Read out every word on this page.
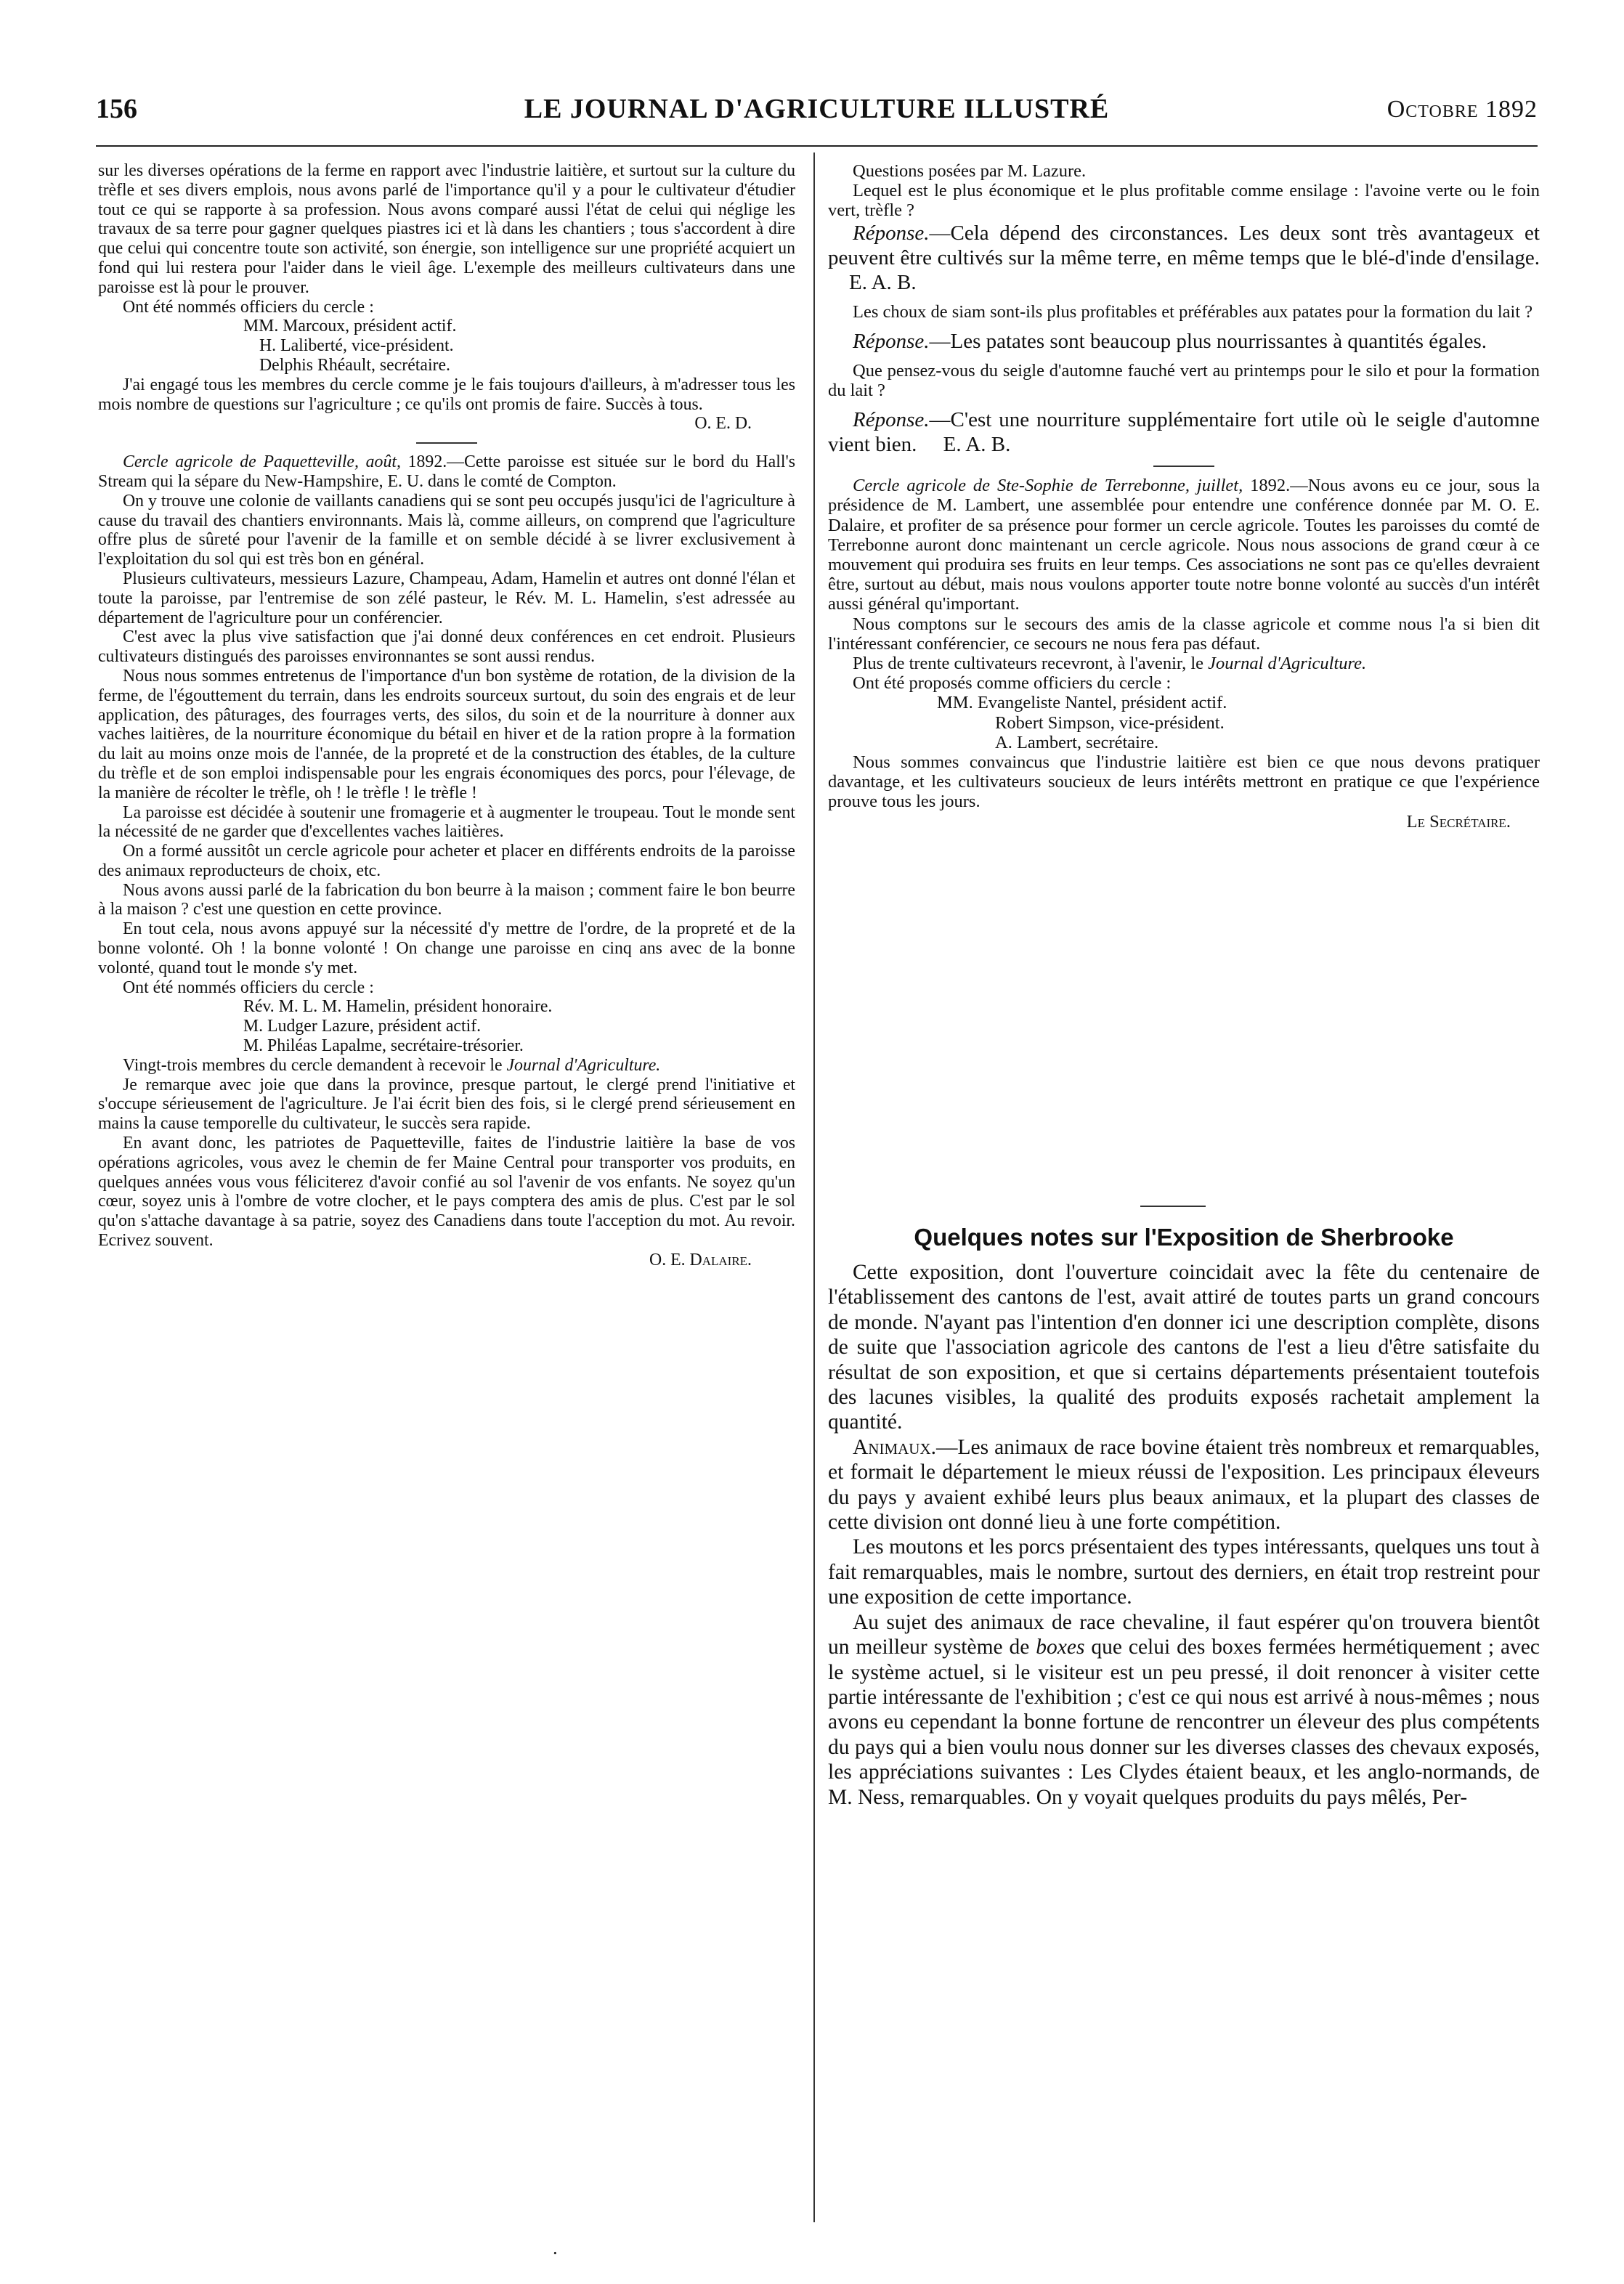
156	LE JOURNAL D'AGRICULTURE ILLUSTRÉ	Octobre 1892

sur les diverses opérations de la ferme en rapport avec l'industrie laitière, et surtout sur la culture du trèfle et ses divers emplois, nous avons parlé de l'importance qu'il y a pour le cultivateur d'étudier tout ce qui se rapporte à sa profession. Nous avons comparé aussi l'état de celui qui néglige les travaux de sa terre pour gagner quelques piastres ici et là dans les chantiers ; tous s'accordent à dire que celui qui concentre toute son activité, son énergie, son intelligence sur une propriété acquiert un fond qui lui restera pour l'aider dans le vieil âge. L'exemple des meilleurs cultivateurs dans une paroisse est là pour le prouver.

Ont été nommés officiers du cercle :

MM. Marcoux, président actif.

H. Laliberté, vice-président.

Delphis Rhéault, secrétaire.

J'ai engagé tous les membres du cercle comme je le fais toujours d'ailleurs, à m'adresser tous les mois nombre de questions sur l'agriculture ; ce qu'ils ont promis de faire. Succès à tous.

O. E. D.

Cercle agricole de Paquetteville, août, 1892.—Cette paroisse est située sur le bord du Hall's Stream qui la sépare du New-Hampshire, E. U. dans le comté de Compton.

On y trouve une colonie de vaillants canadiens qui se sont peu occupés jusqu'ici de l'agriculture à cause du travail des chantiers environnants. Mais là, comme ailleurs, on comprend que l'agriculture offre plus de sûreté pour l'avenir de la famille et on semble décidé à se livrer exclusivement à l'exploitation du sol qui est très bon en général.

Plusieurs cultivateurs, messieurs Lazure, Champeau, Adam, Hamelin et autres ont donné l'élan et toute la paroisse, par l'entremise de son zélé pasteur, le Rév. M. L. Hamelin, s'est adressée au département de l'agriculture pour un conférencier.

C'est avec la plus vive satisfaction que j'ai donné deux conférences en cet endroit. Plusieurs cultivateurs distingués des paroisses environnantes se sont aussi rendus.

Nous nous sommes entretenus de l'importance d'un bon système de rotation, de la division de la ferme, de l'égouttement du terrain, dans les endroits sourceux surtout, du soin des engrais et de leur application, des pâturages, des fourrages verts, des silos, du soin et de la nourriture à donner aux vaches laitières, de la nourriture économique du bétail en hiver et de la ration propre à la formation du lait au moins onze mois de l'année, de la propreté et de la construction des étables, de la culture du trèfle et de son emploi indispensable pour les engrais économiques des porcs, pour l'élevage, de la manière de récolter le trèfle, oh ! le trèfle ! le trèfle !

La paroisse est décidée à soutenir une fromagerie et à augmenter le troupeau. Tout le monde sent la nécessité de ne garder que d'excellentes vaches laitières.

On a formé aussitôt un cercle agricole pour acheter et placer en différents endroits de la paroisse des animaux reproducteurs de choix, etc.

Nous avons aussi parlé de la fabrication du bon beurre à la maison ; comment faire le bon beurre à la maison ? c'est une question en cette province.

En tout cela, nous avons appuyé sur la nécessité d'y mettre de l'ordre, de la propreté et de la bonne volonté. Oh ! la bonne volonté ! On change une paroisse en cinq ans avec de la bonne volonté, quand tout le monde s'y met.

Ont été nommés officiers du cercle :

Rév. M. L. M. Hamelin, président honoraire.

M. Ludger Lazure, président actif.

M. Philéas Lapalme, secrétaire-trésorier.

Vingt-trois membres du cercle demandent à recevoir le Journal d'Agriculture.

Je remarque avec joie que dans la province, presque partout, le clergé prend l'initiative et s'occupe sérieusement de l'agriculture. Je l'ai écrit bien des fois, si le clergé prend sérieusement en mains la cause temporelle du cultivateur, le succès sera rapide.

En avant donc, les patriotes de Paquetteville, faites de l'industrie laitière la base de vos opérations agricoles, vous avez le chemin de fer Maine Central pour transporter vos produits, en quelques années vous vous féliciterez d'avoir confié au sol l'avenir de vos enfants. Ne soyez qu'un cœur, soyez unis à l'ombre de votre clocher, et le pays comptera des amis de plus. C'est par le sol qu'on s'attache davantage à sa patrie, soyez des Canadiens dans toute l'acception du mot. Au revoir. Ecrivez souvent.

O. E. Dalaire.

Questions posées par M. Lazure.

Lequel est le plus économique et le plus profitable comme ensilage : l'avoine verte ou le foin vert, trèfle ?

Réponse.—Cela dépend des circonstances. Les deux sont très avantageux et peuvent être cultivés sur la même terre, en même temps que le blé-d'inde d'ensilage.     E. A. B.

Les choux de siam sont-ils plus profitables et préférables aux patates pour la formation du lait ?

Réponse.—Les patates sont beaucoup plus nourrissantes à quantités égales.

Que pensez-vous du seigle d'automne fauché vert au printemps pour le silo et pour la formation du lait ?

Réponse.—C'est une nourriture supplémentaire fort utile où le seigle d'automne vient bien. E. A. B.

Cercle agricole de Ste-Sophie de Terrebonne, juillet, 1892.—Nous avons eu ce jour, sous la présidence de M. Lambert, une assemblée pour entendre une conférence donnée par M. O. E. Dalaire, et profiter de sa présence pour former un cercle agricole. Toutes les paroisses du comté de Terrebonne auront donc maintenant un cercle agricole. Nous nous associons de grand cœur à ce mouvement qui produira ses fruits en leur temps. Ces associations ne sont pas ce qu'elles devraient être, surtout au début, mais nous voulons apporter toute notre bonne volonté au succès d'un intérêt aussi général qu'important.

Nous comptons sur le secours des amis de la classe agricole et comme nous l'a si bien dit l'intéressant conférencier, ce secours ne nous fera pas défaut.

Plus de trente cultivateurs recevront, à l'avenir, le Journal d'Agriculture.

Ont été proposés comme officiers du cercle :

MM. Evangeliste Nantel, président actif.

Robert Simpson, vice-président.

A. Lambert, secrétaire.

Nous sommes convaincus que l'industrie laitière est bien ce que nous devons pratiquer davantage, et les cultivateurs soucieux de leurs intérêts mettront en pratique ce que l'expérience prouve tous les jours.

Le Secrétaire.

Quelques notes sur l'Exposition de Sherbrooke

Cette exposition, dont l'ouverture coincidait avec la fête du centenaire de l'établissement des cantons de l'est, avait attiré de toutes parts un grand concours de monde. N'ayant pas l'intention d'en donner ici une description complète, disons de suite que l'association agricole des cantons de l'est a lieu d'être satisfaite du résultat de son exposition, et que si certains départements présentaient toutefois des lacunes visibles, la qualité des produits exposés rachetait amplement la quantité.

Animaux.—Les animaux de race bovine étaient très nombreux et remarquables, et formait le département le mieux réussi de l'exposition. Les principaux éleveurs du pays y avaient exhibé leurs plus beaux animaux, et la plupart des classes de cette division ont donné lieu à une forte compétition.

Les moutons et les porcs présentaient des types intéressants, quelques uns tout à fait remarquables, mais le nombre, surtout des derniers, en était trop restreint pour une exposition de cette importance.

Au sujet des animaux de race chevaline, il faut espérer qu'on trouvera bientôt un meilleur système de boxes que celui des boxes fermées hermétiquement ; avec le système actuel, si le visiteur est un peu pressé, il doit renoncer à visiter cette partie intéressante de l'exhibition ; c'est ce qui nous est arrivé à nous-mêmes ; nous avons eu cependant la bonne fortune de rencontrer un éleveur des plus compétents du pays qui a bien voulu nous donner sur les diverses classes des chevaux exposés, les appréciations suivantes : Les Clydes étaient beaux, et les anglo-normands, de M. Ness, remarquables. On y voyait quelques produits du pays mêlés, Per-

·
